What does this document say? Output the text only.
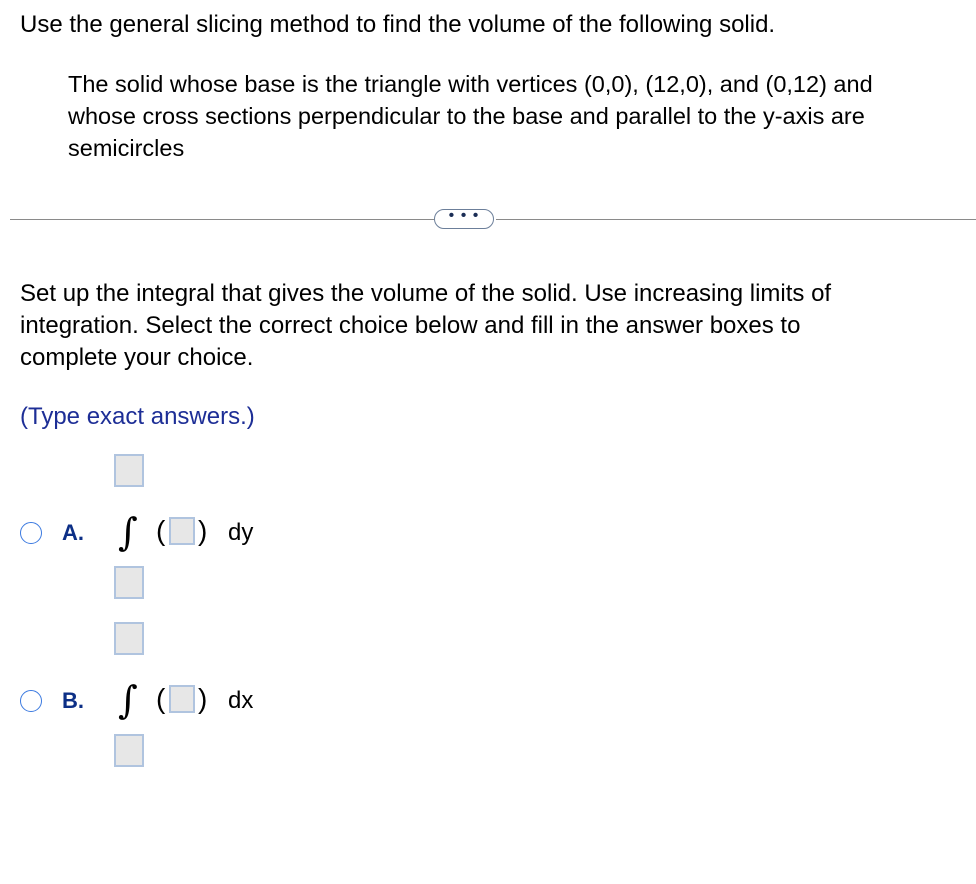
Use the general slicing method to find the volume of the following solid.
The solid whose base is the triangle with vertices (0,0), (12,0), and (0,12) and
whose cross sections perpendicular to the base and parallel to the y-axis are
semicircles
• • •
Set up the integral that gives the volume of the solid. Use increasing limits of
integration. Select the correct choice below and fill in the answer boxes to
complete your choice.
(Type exact answers.)
A. ∫ ( ) dy
B. ∫ ( ) dx
